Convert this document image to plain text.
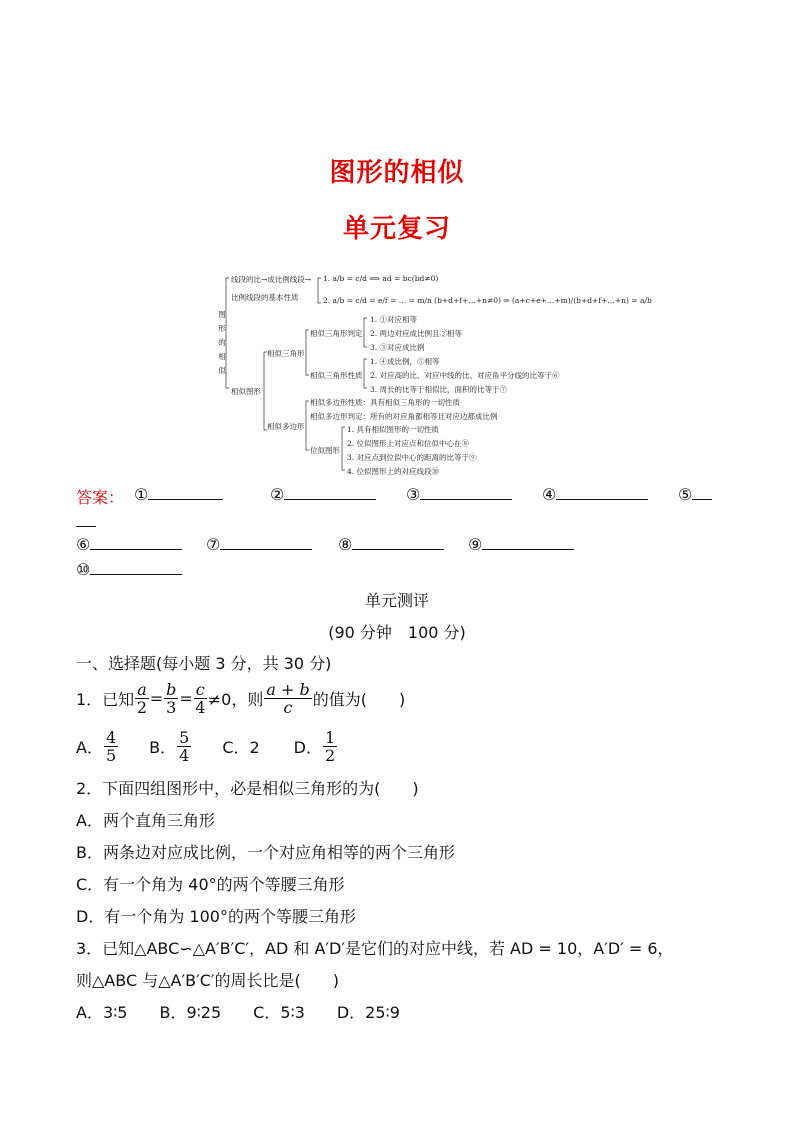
图形的相似
单元复习
图
形
的
相
似
线段的比→成比例线段→
比例线段的基本性质
1. a/b = c/d ⟺ ad = bc(bd≠0)
2. a/b = c/d = e/f = … = m/n (b+d+f+…+n≠0) ⇒ (a+c+e+…+m)/(b+d+f+…+n) = a/b
相似图形
相似三角形
相似三角形判定
1. ①对应相等
2. 两边对应成比例且②相等
3. ③对应成比例
相似三角形性质
1. ④成比例，⑤相等
2. 对应高的比、对应中线的比、对应角平分线的比等于⑥
3. 周长的比等于相似比，面积的比等于⑦
相似多边形
相似多边形性质：具有相似三角形的一切性质
相似多边形判定：所有的对应角都相等且对应边都成比例
位似图形
1. 具有相似图形的一切性质
2. 位似图形上对应点和位似中心在⑧
3. 对应点到位似中心的距离的比等于⑨
4. 位似图形上的对应线段⑩
答案： ①	②	③	④	⑤
⑥	⑦	⑧	⑨
⑩
单元测评
(90 分钟　100 分)
一、选择题(每小题 3 分，共 30 分)
1．已知 $\frac{a}{2} = \frac{b}{3} = \frac{c}{4} \ne 0$，则 $\frac{a + b}{c}$ 的值为(　　)
A． $\frac{4}{5}$ B． $\frac{5}{4}$ C．2 D． $\frac{1}{2}$
2．下面四组图形中，必是相似三角形的为(　　)
A．两个直角三角形
B．两条边对应成比例，一个对应角相等的两个三角形
C．有一个角为 40°的两个等腰三角形
D．有一个角为 100°的两个等腰三角形
3．已知△ABC∽△A′B′C′，AD 和 A′D′是它们的对应中线，若 AD = 10，A′D′ = 6，
则△ABC 与△A′B′C′的周长比是(　　)
A．3∶5　　B．9∶25　　C．5∶3　　D．25∶9
